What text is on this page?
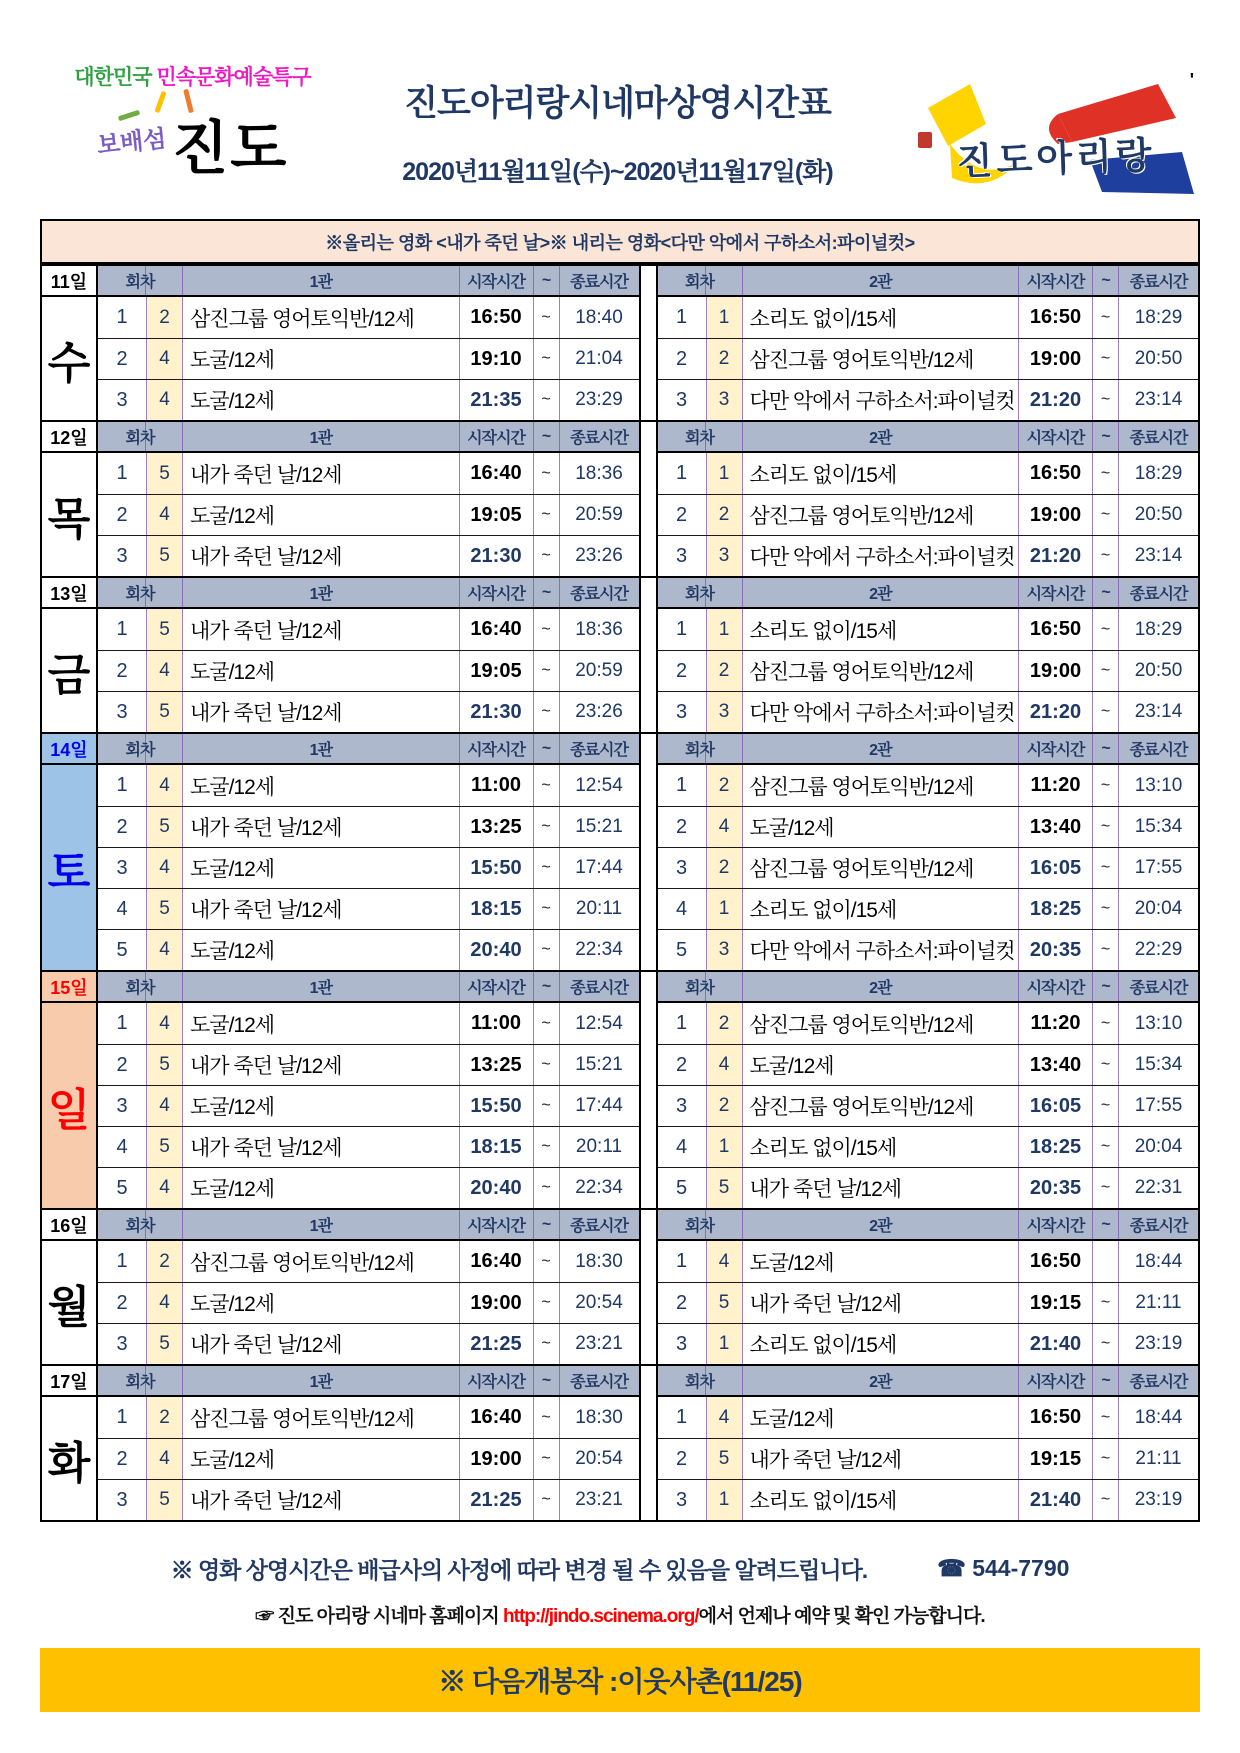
대한민국 민속문화예술특구
보배섬진도
진도아리랑시네마상영시간표
2020년11월11일(수)~2020년11월17일(화)	진도아리랑
'
※올리는 영화 <내가 죽던 날>※ 내리는 영화<다만 악에서 구하소서:파이널컷>
11일
수
회차	1관	시작시간	~	종료시간
1	2 삼진그룹 영어토익반/12세	16:50	~	18:40
2	4 도굴/12세	19:10	~	21:04
3	4 도굴/12세	21:35	~	23:29
회차	2관	시작시간	~	종료시간
1	1 소리도 없이/15세	16:50	~	18:29
2	2 삼진그룹 영어토익반/12세	19:00	~	20:50
3	3 다만 악에서 구하소서:파이널컷 21:20	~	23:14
12일
목
회차	1관	시작시간	~	종료시간
1	5 내가 죽던 날/12세	16:40	~	18:36
2	4 도굴/12세	19:05	~	20:59
3	5 내가 죽던 날/12세	21:30	~	23:26
회차	2관	시작시간	~	종료시간
1	1 소리도 없이/15세	16:50	~	18:29
2	2 삼진그룹 영어토익반/12세	19:00	~	20:50
3	3 다만 악에서 구하소서:파이널컷 21:20	~	23:14
13일
금
회차	1관	시작시간	~	종료시간
1	5 내가 죽던 날/12세	16:40	~	18:36
2	4 도굴/12세	19:05	~	20:59
3	5 내가 죽던 날/12세	21:30	~	23:26
회차	2관	시작시간	~	종료시간
1	1 소리도 없이/15세	16:50	~	18:29
2	2 삼진그룹 영어토익반/12세	19:00	~	20:50
3	3 다만 악에서 구하소서:파이널컷 21:20	~	23:14
14일
토
회차	1관	시작시간	~	종료시간
1	4 도굴/12세	11:00	~	12:54
2	5 내가 죽던 날/12세	13:25	~	15:21
3	4 도굴/12세	15:50	~	17:44
4	5 내가 죽던 날/12세	18:15	~	20:11
5	4 도굴/12세	20:40	~	22:34
회차	2관	시작시간	~	종료시간
1	2 삼진그룹 영어토익반/12세	11:20	~	13:10
2	4 도굴/12세	13:40	~	15:34
3	2 삼진그룹 영어토익반/12세	16:05	~	17:55
4	1 소리도 없이/15세	18:25	~	20:04
5	3 다만 악에서 구하소서:파이널컷 20:35	~	22:29
15일
일
회차	1관	시작시간	~	종료시간
1	4 도굴/12세	11:00	~	12:54
2	5 내가 죽던 날/12세	13:25	~	15:21
3	4 도굴/12세	15:50	~	17:44
4	5 내가 죽던 날/12세	18:15	~	20:11
5	4 도굴/12세	20:40	~	22:34
회차	2관	시작시간	~	종료시간
1	2 삼진그룹 영어토익반/12세	11:20	~	13:10
2	4 도굴/12세	13:40	~	15:34
3	2 삼진그룹 영어토익반/12세	16:05	~	17:55
4	1 소리도 없이/15세	18:25	~	20:04
5	5 내가 죽던 날/12세	20:35	~	22:31
16일
월
회차	1관	시작시간	~	종료시간
1	2 삼진그룹 영어토익반/12세	16:40	~	18:30
2	4 도굴/12세	19:00	~	20:54
3	5 내가 죽던 날/12세	21:25	~	23:21
회차	2관	시작시간	~	종료시간
1	4 도굴/12세	16:50	18:44
2	5 내가 죽던 날/12세	19:15	~	21:11
3	1 소리도 없이/15세	21:40	~	23:19
17일
화
회차	1관	시작시간	~	종료시간
1	2 삼진그룹 영어토익반/12세	16:40	~	18:30
2	4 도굴/12세	19:00	~	20:54
3	5 내가 죽던 날/12세	21:25	~	23:21
회차	2관	시작시간	~	종료시간
1	4 도굴/12세	16:50	~	18:44
2	5 내가 죽던 날/12세	19:15	~	21:11
3	1 소리도 없이/15세	21:40	~	23:19
※ 영화 상영시간은 배급사의 사정에 따라 변경 될 수 있음을 알려드립니다.	☎ 544-7790
☞ 진도 아리랑 시네마 홈페이지 http://jindo.scinema.org/에서 언제나 예약 및 확인 가능합니다.
※ 다음개봉작 :이웃사촌(11/25)
